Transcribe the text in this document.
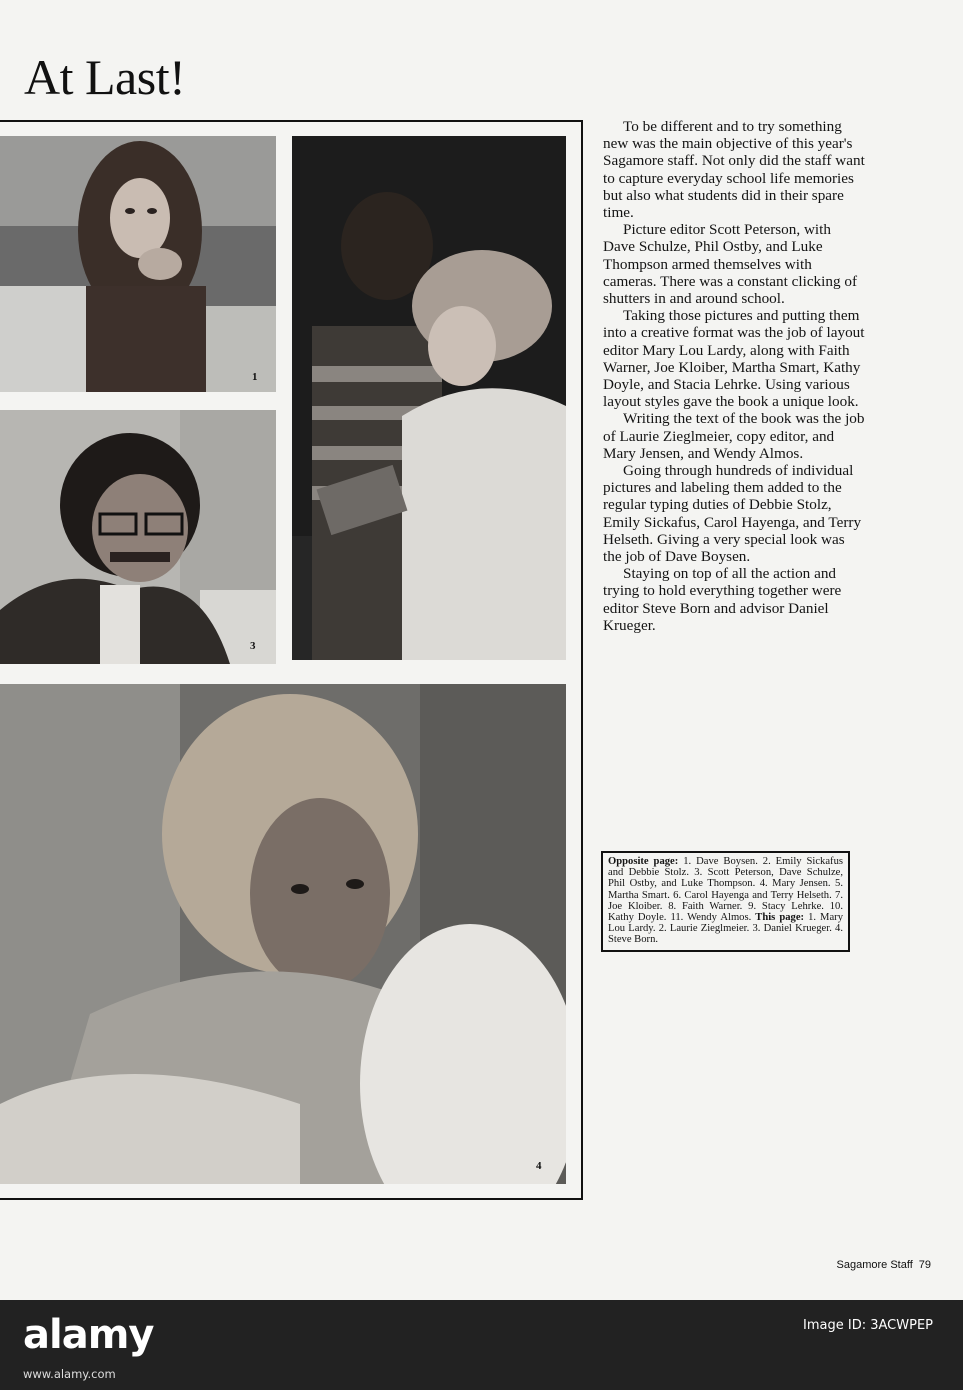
At Last!
1
3
4

To be different and to try something new was the main objective of this year's Sagamore staff. Not only did the staff want to capture everyday school life memories but also what students did in their spare time.

Picture editor Scott Peterson, with Dave Schulze, Phil Ostby, and Luke Thompson armed themselves with cameras. There was a constant clicking of shutters in and around school.

Taking those pictures and putting them into a creative format was the job of layout editor Mary Lou Lardy, along with Faith Warner, Joe Kloiber, Martha Smart, Kathy Doyle, and Stacia Lehrke. Using various layout styles gave the book a unique look.

Writing the text of the book was the job of Laurie Zieglmeier, copy editor, and Mary Jensen, and Wendy Almos.

Going through hundreds of individual pictures and labeling them added to the regular typing duties of Debbie Stolz, Emily Sickafus, Carol Hayenga, and Terry Helseth. Giving a very special look was the job of Dave Boysen.

Staying on top of all the action and trying to hold everything together were editor Steve Born and advisor Daniel Krueger.

Opposite page: 1. Dave Boysen. 2. Emily Sickafus and Debbie Stolz. 3. Scott Peterson, Dave Schulze, Phil Ostby, and Luke Thompson. 4. Mary Jensen. 5. Martha Smart. 6. Carol Hayenga and Terry Helseth. 7. Joe Kloiber. 8. Faith Warner. 9. Stacy Lehrke. 10. Kathy Doyle. 11. Wendy Almos. This page: 1. Mary Lou Lardy. 2. Laurie Zieglmeier. 3. Daniel Krueger. 4. Steve Born.
Sagamore Staff 79

alamy	Image ID: 3ACWPEP
www.alamy.com
